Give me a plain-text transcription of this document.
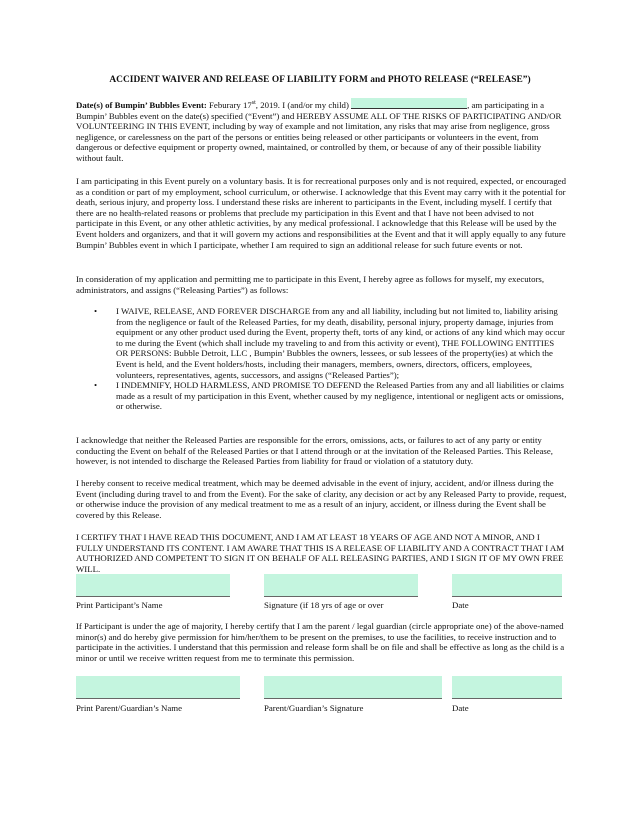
ACCIDENT WAIVER AND RELEASE OF LIABILITY FORM and PHOTO RELEASE (“RELEASE”)
Date(s) of Bumpin’ Bubbles Event: Feburary 17st, 2019. I (and/or my child)	, am participating in a Bumpin’ Bubbles event on the date(s) specified (“Event”) and HEREBY ASSUME ALL OF THE RISKS OF PARTICIPATING AND/OR VOLUNTEERING IN THIS EVENT, including by way of example and not limitation, any risks that may arise from negligence, gross negligence, or carelessness on the part of the persons or entities being released or other participants or volunteers in the event, from dangerous or defective equipment or property owned, maintained, or controlled by them, or because of any of their possible liability without fault.
I am participating in this Event purely on a voluntary basis. It is for recreational purposes only and is not required, expected, or encouraged as a condition or part of my employment, school curriculum, or otherwise. I acknowledge that this Event may carry with it the potential for death, serious injury, and property loss. I understand these risks are inherent to participants in the Event, including myself. I certify that there are no health-related reasons or problems that preclude my participation in this Event and that I have not been advised to not participate in this Event, or any other athletic activities, by any medical professional. I acknowledge that this Release will be used by the Event holders and organizers, and that it will govern my actions and responsibilities at the Event and that it will apply equally to any future Bumpin’ Bubbles event in which I participate, whether I am required to sign an additional release for such future events or not.
In consideration of my application and permitting me to participate in this Event, I hereby agree as follows for myself, my executors, administrators, and assigns (“Releasing Parties”) as follows:
• I WAIVE, RELEASE, AND FOREVER DISCHARGE from any and all liability, including but not limited to, liability arising from the negligence or fault of the Released Parties, for my death, disability, personal injury, property damage, injuries from equipment or any other product used during the Event, property theft, torts of any kind, or actions of any kind which may occur to me during the Event (which shall include my traveling to and from this activity or event), THE FOLLOWING ENTITIES OR PERSONS: Bubble Detroit, LLC , Bumpin’ Bubbles the owners, lessees, or sub lessees of the property(ies) at which the Event is held, and the Event holders/hosts, including their managers, members, owners, directors, officers, employees, volunteers, representatives, agents, successors, and assigns (“Released Parties”);
• I INDEMNIFY, HOLD HARMLESS, AND PROMISE TO DEFEND the Released Parties from any and all liabilities or claims made as a result of my participation in this Event, whether caused by my negligence, intentional or negligent acts or omissions, or otherwise.
I acknowledge that neither the Released Parties are responsible for the errors, omissions, acts, or failures to act of any party or entity conducting the Event on behalf of the Released Parties or that I attend through or at the invitation of the Released Parties. This Release, however, is not intended to discharge the Released Parties from liability for fraud or violation of a statutory duty.
I hereby consent to receive medical treatment, which may be deemed advisable in the event of injury, accident, and/or illness during the Event (including during travel to and from the Event). For the sake of clarity, any decision or act by any Released Party to provide, request, or otherwise induce the provision of any medical treatment to me as a result of an injury, accident, or illness during the Event shall be covered by this Release.
I CERTIFY THAT I HAVE READ THIS DOCUMENT, AND I AM AT LEAST 18 YEARS OF AGE AND NOT A MINOR, AND I FULLY UNDERSTAND ITS CONTENT. I AM AWARE THAT THIS IS A RELEASE OF LIABILITY AND A CONTRACT THAT I AM AUTHORIZED AND COMPETENT TO SIGN IT ON BEHALF OF ALL RELEASING PARTIES, AND I SIGN IT OF MY OWN FREE WILL.
Print Participant’s Name	Signature (if 18 yrs of age or over	Date
If Participant is under the age of majority, I hereby certify that I am the parent / legal guardian (circle appropriate one) of the above-named minor(s) and do hereby give permission for him/her/them to be present on the premises, to use the facilities, to receive instruction and to participate in the activities. I understand that this permission and release form shall be on file and shall be effective as long as the child is a minor or until we receive written request from me to terminate this permission.
Print Parent/Guardian’s Name	Parent/Guardian’s Signature	Date
